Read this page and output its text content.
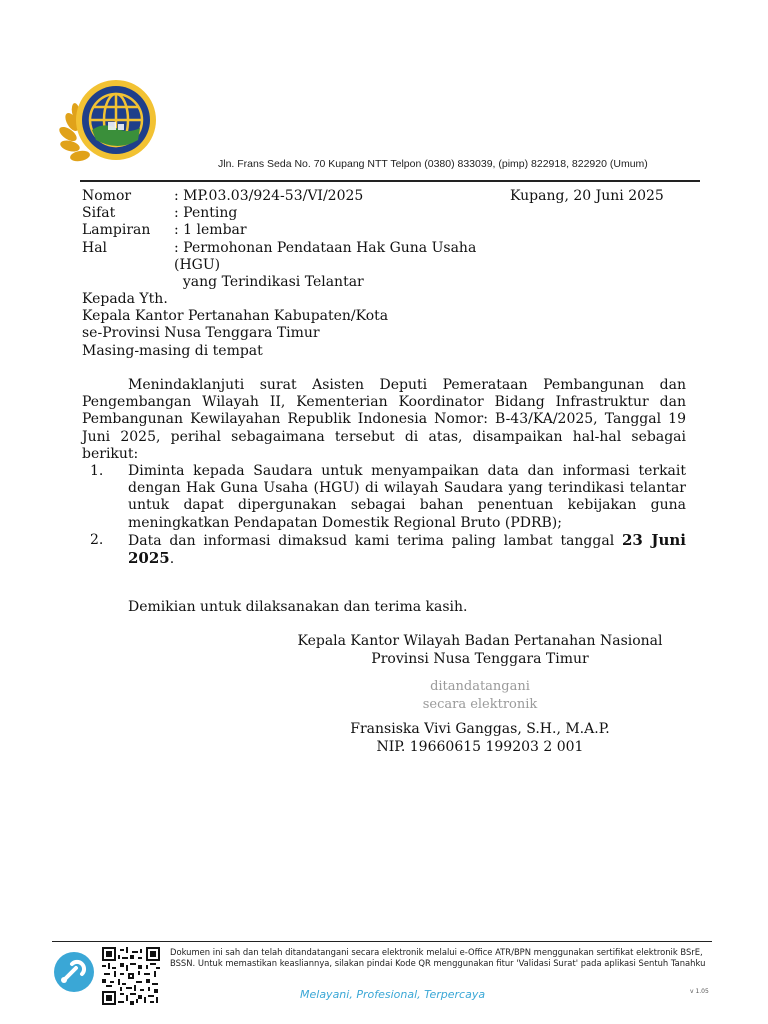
Jln. Frans Seda No. 70 Kupang NTT Telpon (0380) 833039, (pimp) 822918, 822920 (Umum)
Nomor	: MP.03.03/924-53/VI/2025
Sifat	: Penting
Lampiran	: 1 lembar
Hal	: Permohonan Pendataan Hak Guna Usaha (HGU)
yang Terindikasi Telantar
Kupang, 20 Juni 2025
Kepada Yth.
Kepala Kantor Pertanahan Kabupaten/Kota
se-Provinsi Nusa Tenggara Timur
Masing-masing di tempat
Menindaklanjuti surat Asisten Deputi Pemerataan Pembangunan dan Pengembangan Wilayah II, Kementerian Koordinator Bidang Infrastruktur dan Pembangunan Kewilayahan Republik Indonesia Nomor: B-43/KA/2025, Tanggal 19 Juni 2025, perihal sebagaimana tersebut di atas, disampaikan hal-hal sebagai berikut:
1.	Diminta kepada Saudara untuk menyampaikan data dan informasi terkait dengan Hak Guna Usaha (HGU) di wilayah Saudara yang terindikasi telantar untuk dapat dipergunakan sebagai bahan penentuan kebijakan guna meningkatkan Pendapatan Domestik Regional Bruto (PDRB);
2.	Data dan informasi dimaksud kami terima paling lambat tanggal 23 Juni 2025.
Demikian untuk dilaksanakan dan terima kasih.
Kepala Kantor Wilayah Badan Pertanahan Nasional
Provinsi Nusa Tenggara Timur
ditandatangani
secara elektronik
Fransiska Vivi Ganggas, S.H., M.A.P.
NIP. 19660615 199203 2 001
Dokumen ini sah dan telah ditandatangani secara elektronik melalui e-Office ATR/BPN menggunakan sertifikat elektronik BSrE, BSSN. Untuk memastikan keasliannya, silakan pindai Kode QR menggunakan fitur 'Validasi Surat' pada aplikasi Sentuh Tanahku
Melayani, Profesional, Terpercaya	v 1.05
